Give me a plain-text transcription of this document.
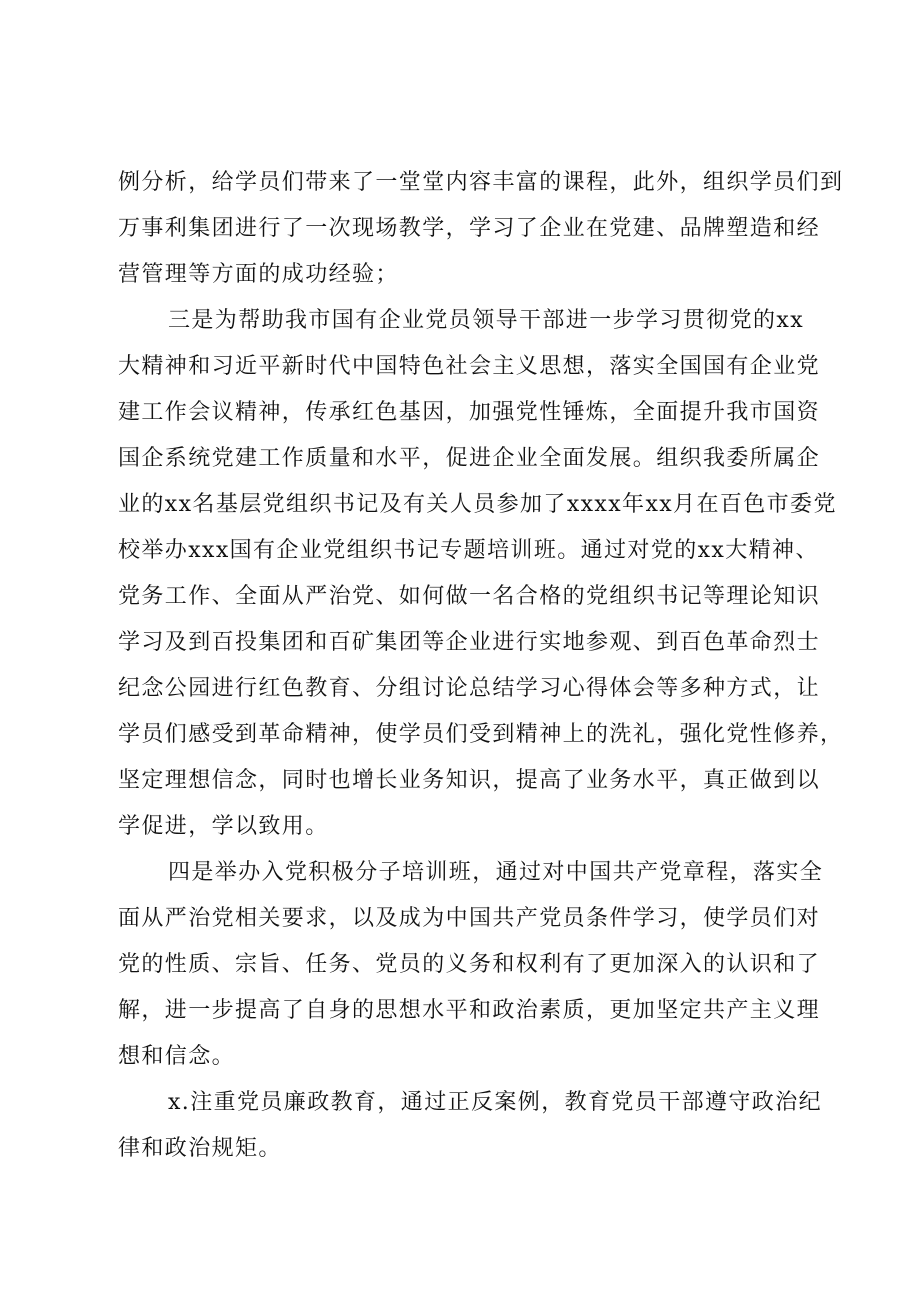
例分析，给学员们带来了一堂堂内容丰富的课程，此外，组织学员们到
万事利集团进行了一次现场教学，学习了企业在党建、品牌塑造和经
营管理等方面的成功经验；
三是为帮助我市国有企业党员领导干部进一步学习贯彻党的xx
大精神和习近平新时代中国特色社会主义思想，落实全国国有企业党
建工作会议精神，传承红色基因，加强党性锤炼，全面提升我市国资
国企系统党建工作质量和水平，促进企业全面发展。组织我委所属企
业的xx名基层党组织书记及有关人员参加了xxxx年xx月在百色市委党
校举办xxx国有企业党组织书记专题培训班。通过对党的xx大精神、
党务工作、全面从严治党、如何做一名合格的党组织书记等理论知识
学习及到百投集团和百矿集团等企业进行实地参观、到百色革命烈士
纪念公园进行红色教育、分组讨论总结学习心得体会等多种方式，让
学员们感受到革命精神，使学员们受到精神上的洗礼，强化党性修养，
坚定理想信念，同时也增长业务知识，提高了业务水平，真正做到以
学促进，学以致用。
四是举办入党积极分子培训班，通过对中国共产党章程，落实全
面从严治党相关要求，以及成为中国共产党员条件学习，使学员们对
党的性质、宗旨、任务、党员的义务和权利有了更加深入的认识和了
解，进一步提高了自身的思想水平和政治素质，更加坚定共产主义理
想和信念。
x.注重党员廉政教育，通过正反案例，教育党员干部遵守政治纪
律和政治规矩。
